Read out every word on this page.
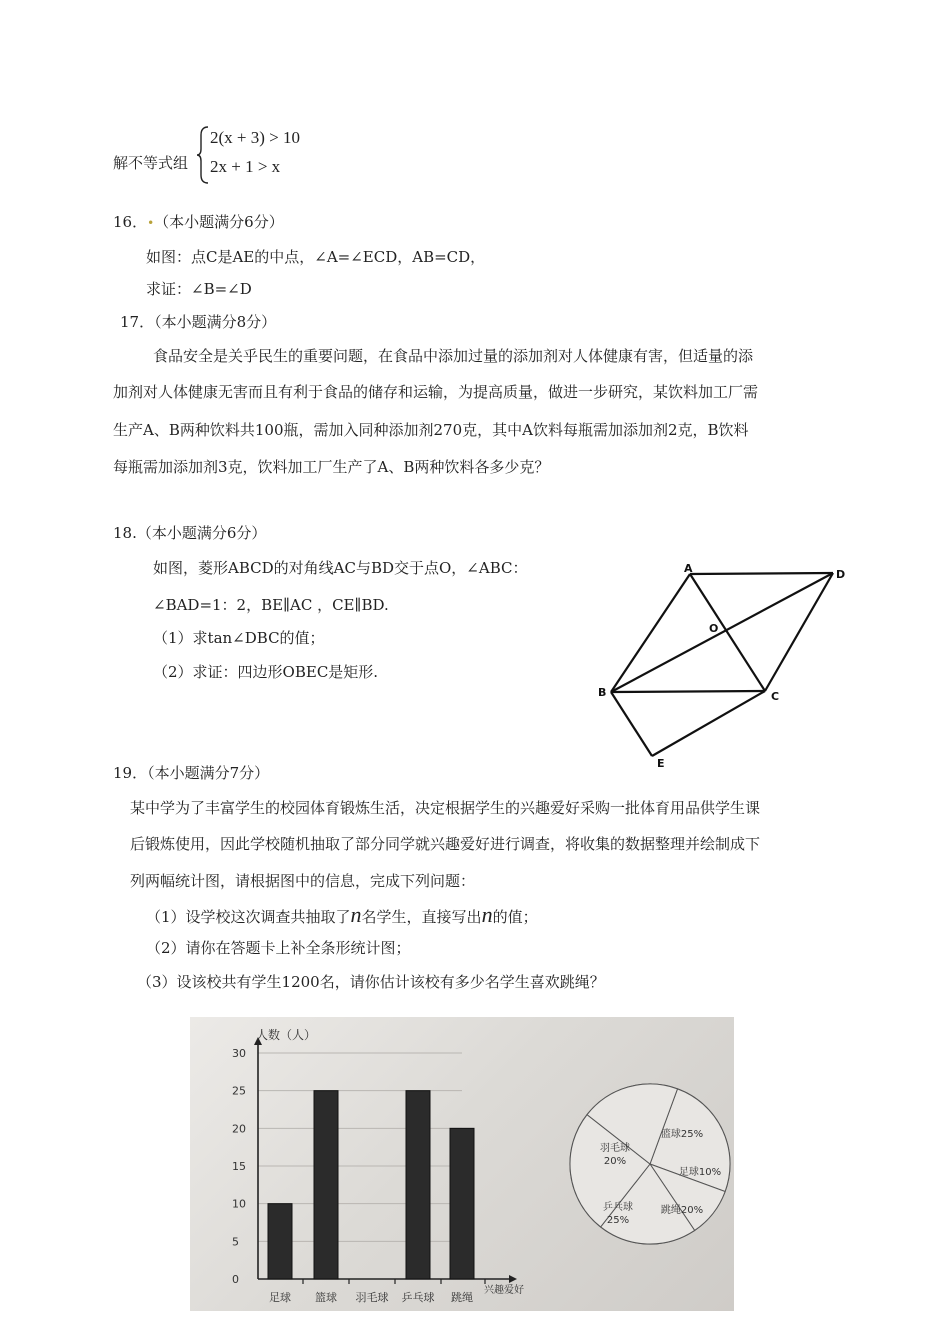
解不等式组
2(x + 3) > 10
2x + 1 > x
16．•（本小题满分6分）
如图：点C是AE的中点，∠A=∠ECD，AB=CD，
求证：∠B=∠D
17．（本小题满分8分）
食品安全是关乎民生的重要问题，在食品中添加过量的添加剂对人体健康有害，但适量的添
加剂对人体健康无害而且有利于食品的储存和运输，为提高质量，做进一步研究，某饮料加工厂需
生产A、B两种饮料共100瓶，需加入同种添加剂270克，其中A饮料每瓶需加添加剂2克，B饮料
每瓶需加添加剂3克，饮料加工厂生产了A、B两种饮料各多少克？
18.（本小题满分6分）
如图，菱形ABCD的对角线AC与BD交于点O，∠ABC：
∠BAD=1：2，BE∥AC ，CE∥BD.
（1）求tan∠DBC的值；
（2）求证：四边形OBEC是矩形.
A	D
O
B	C
E
19．（本小题满分7分）
某中学为了丰富学生的校园体育锻炼生活，决定根据学生的兴趣爱好采购一批体育用品供学生课
后锻炼使用，因此学校随机抽取了部分同学就兴趣爱好进行调查，将收集的数据整理并绘制成下
列两幅统计图，请根据图中的信息，完成下列问题：
（1）设学校这次调查共抽取了n名学生，直接写出n的值；
（2）请你在答题卡上补全条形统计图；
（3）设该校共有学生1200名，请你估计该校有多少名学生喜欢跳绳？
0
5
10
15
20
25
30
人数（人）
兴趣爱好
足球 篮球 羽毛球 乒乓球 跳绳
篮球25%
足球10%
跳绳20%
乒乓球 25%
羽毛球 20%
